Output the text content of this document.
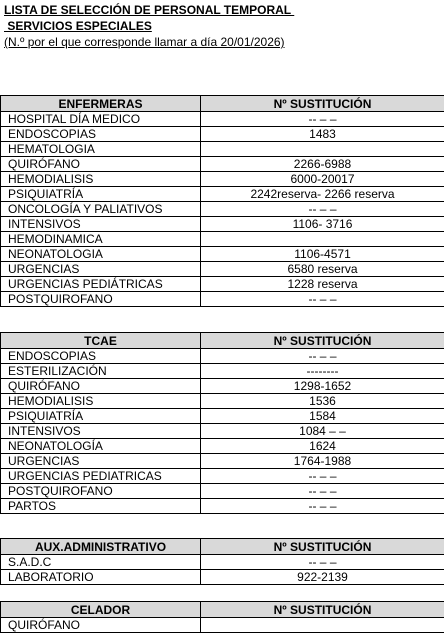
LISTA DE SELECCIÓN DE PERSONAL TEMPORAL
SERVICIOS ESPECIALES
(N.º por el que corresponde llamar a día 20/01/2026)
ENFERMERAS	Nº SUSTITUCIÓN
HOSPITAL DÍA MEDICO	-- – –
ENDOSCOPIAS	1483
HEMATOLOGIA	
QUIRÓFANO	2266-6988
HEMODIALISIS	6000-20017
PSIQUIATRÍA	2242reserva- 2266 reserva
ONCOLOGÍA Y PALIATIVOS	-- – –
INTENSIVOS	1106- 3716
HEMODINAMICA	
NEONATOLOGIA	1106-4571
URGENCIAS	6580 reserva
URGENCIAS PEDIÁTRICAS	1228 reserva
POSTQUIROFANO	-- – –
TCAE	Nº SUSTITUCIÓN
ENDOSCOPIAS	-- – –
ESTERILIZACIÓN	--------
QUIRÓFANO	1298-1652
HEMODIALISIS	1536
PSIQUIATRÍA	1584
INTENSIVOS	1084 – –
NEONATOLOGÍA	1624
URGENCIAS	1764-1988
URGENCIAS PEDIATRICAS	-- – –
POSTQUIROFANO	-- – –
PARTOS	-- – –
AUX.ADMINISTRATIVO	Nº SUSTITUCIÓN
S.A.D.C	-- – –
LABORATORIO	922-2139
CELADOR	Nº SUSTITUCIÓN
QUIRÓFANO	
